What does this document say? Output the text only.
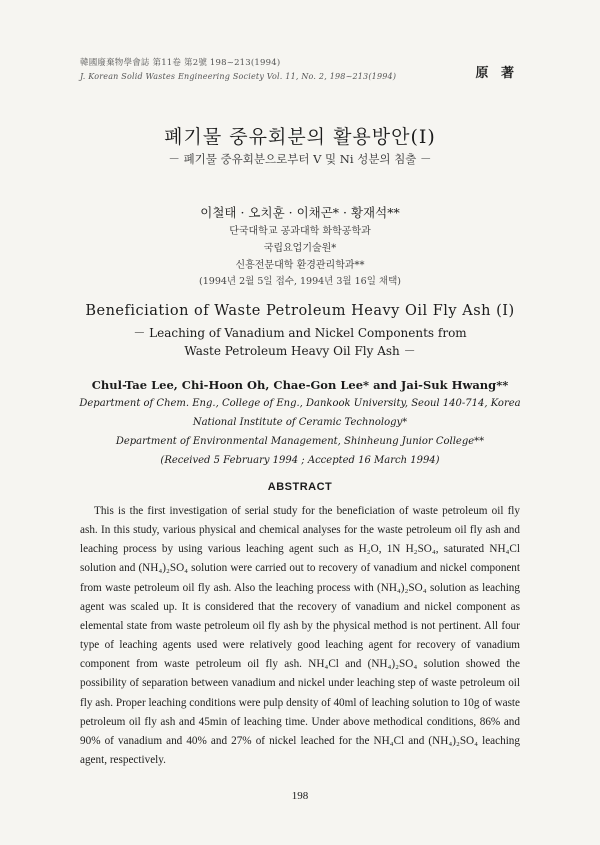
韓國廢棄物學會誌 第11卷 第2號 198~213(1994)
J. Korean Solid Wastes Engineering Society Vol. 11, No. 2, 198~213(1994)	原 著
폐기물 중유회분의 활용방안(I)
－ 폐기물 중유회분으로부터 V 및 Ni 성분의 침출 －
이철태 · 오치훈 · 이채곤* · 황재석**
단국대학교 공과대학 화학공학과
국립요업기술원*
신흥전문대학 환경관리학과**
(1994년 2월 5일 접수, 1994년 3월 16일 채택)
Beneficiation of Waste Petroleum Heavy Oil Fly Ash (I)
－ Leaching of Vanadium and Nickel Components from
Waste Petroleum Heavy Oil Fly Ash －
Chul-Tae Lee, Chi-Hoon Oh, Chae-Gon Lee* and Jai-Suk Hwang**
Department of Chem. Eng., College of Eng., Dankook University, Seoul 140-714, Korea
National Institute of Ceramic Technology*
Department of Environmental Management, Shinheung Junior College**
(Received 5 February 1994 ; Accepted 16 March 1994)
ABSTRACT
This is the first investigation of serial study for the beneficiation of waste petroleum oil fly ash. In this study, various physical and chemical analyses for the waste petroleum oil fly ash and leaching process by using various leaching agent such as H₂O, 1N H₂SO₄, saturated NH₄Cl solution and (NH₄)₂SO₄ solution were carried out to recovery of vanadium and nickel component from waste petroleum oil fly ash. Also the leaching process with (NH₄)₂SO₄ solution as leaching agent was scaled up. It is considered that the recovery of vanadium and nickel component as elemental state from waste petroleum oil fly ash by the physical method is not pertinent. All four type of leaching agents used were relatively good leaching agent for recovery of vanadium component from waste petroleum oil fly ash. NH₄Cl and (NH₄)₂SO₄ solution showed the possibility of separation between vanadium and nickel under leaching step of waste petroleum oil fly ash. Proper leaching conditions were pulp density of 40ml of leaching solution to 10g of waste petroleum oil fly ash and 45min of leaching time. Under above methodical conditions, 86% and 90% of vanadium and 40% and 27% of nickel leached for the NH₄Cl and (NH₄)₂SO₄ leaching agent, respectively.
198
